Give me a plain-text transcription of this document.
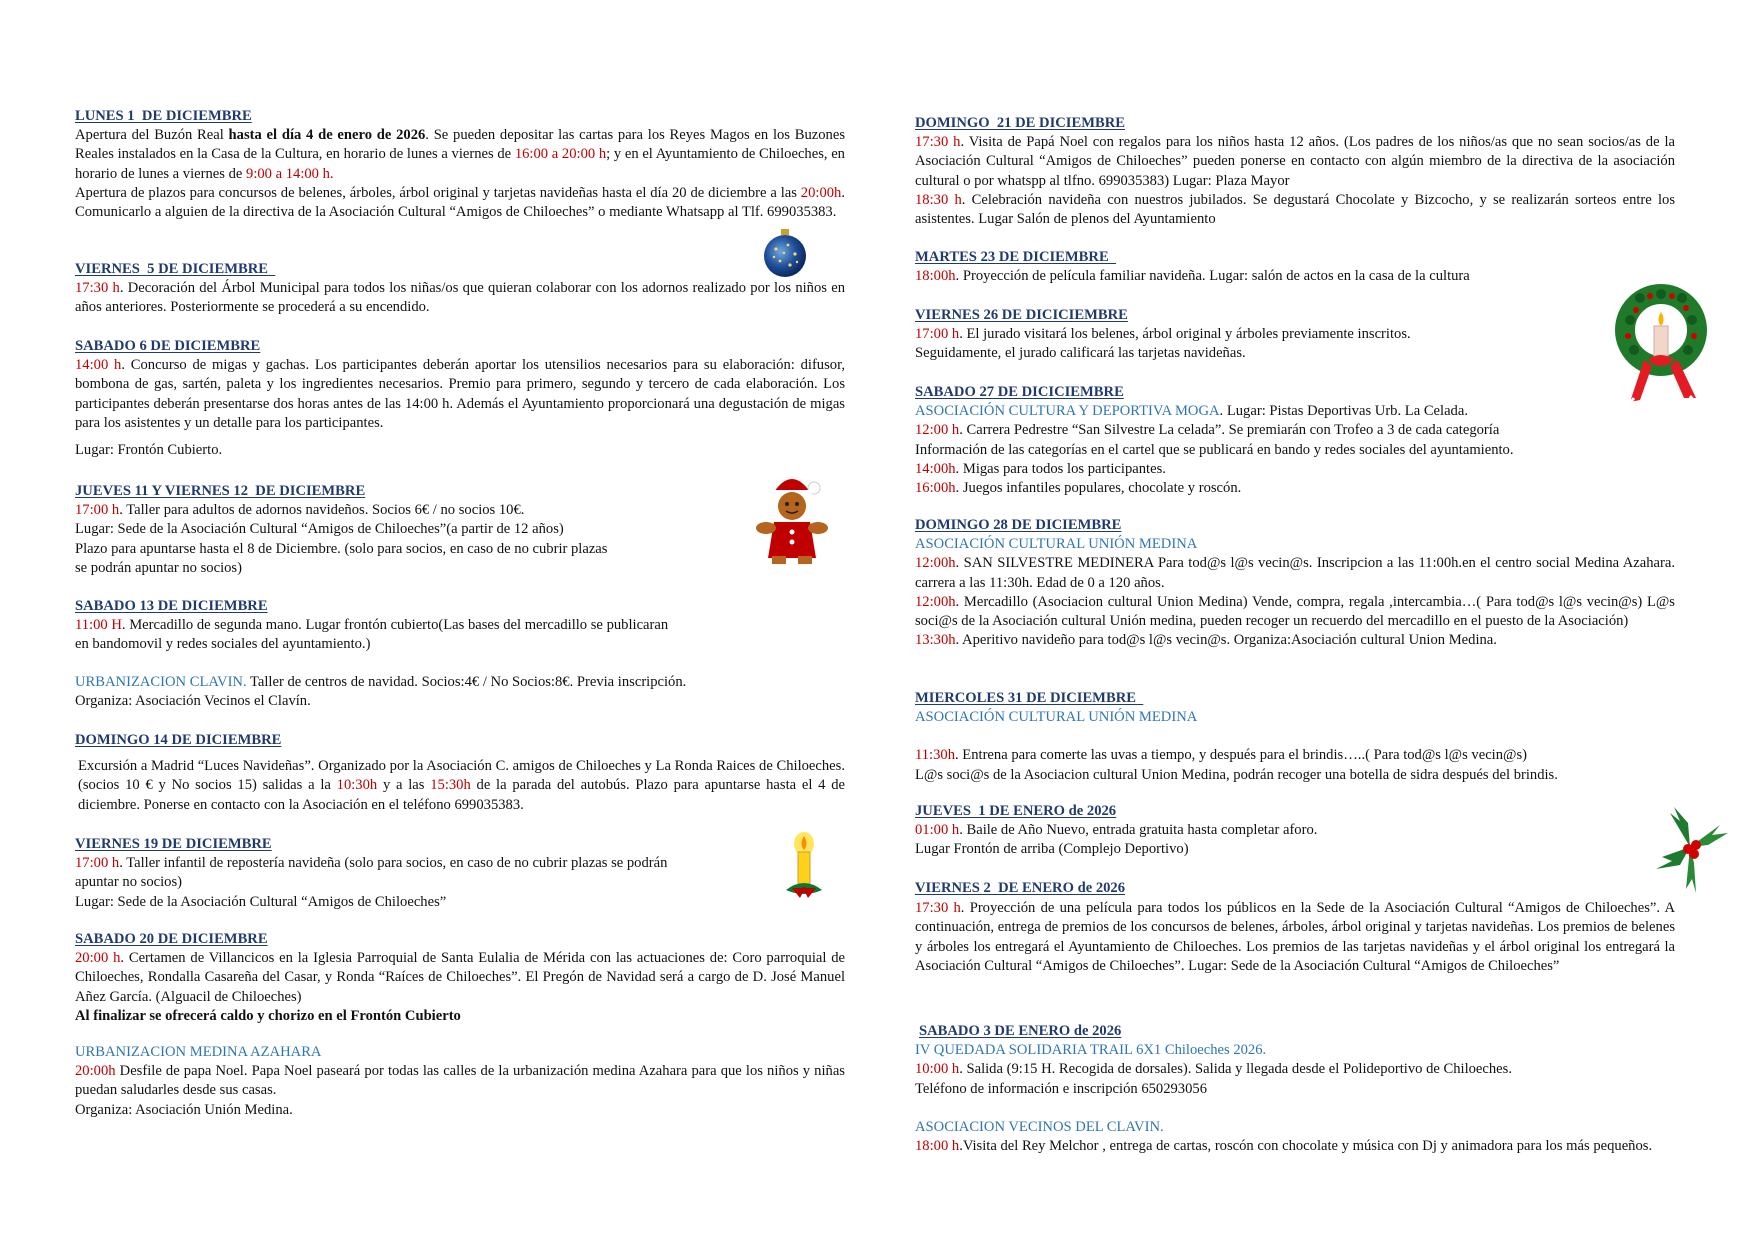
LUNES 1  DE DICIEMBRE

Apertura del Buzón Real hasta el día 4 de enero de 2026. Se pueden depositar las cartas para los Reyes Magos en los Buzones Reales instalados en la Casa de la Cultura, en horario de lunes a viernes de 16:00 a 20:00 h; y en el Ayuntamiento de Chiloeches, en horario de lunes a viernes de 9:00 a 14:00 h.

Apertura de plazos para concursos de belenes, árboles, árbol original y tarjetas navideñas hasta el día 20 de diciembre a las 20:00h. Comunicarlo a alguien de la directiva de la Asociación Cultural “Amigos de Chiloeches” o mediante Whatsapp al Tlf. 699035383.

VIERNES  5 DE DICIEMBRE

17:30 h. Decoración del Árbol Municipal para todos los niñas/os que quieran colaborar con los adornos realizado por los niños en años anteriores. Posteriormente se procederá a su encendido.

SABADO 6 DE DICIEMBRE

14:00 h. Concurso de migas y gachas. Los participantes deberán aportar los utensilios necesarios para su elaboración: difusor, bombona de gas, sartén, paleta y los ingredientes necesarios. Premio para primero, segundo y tercero de cada elaboración. Los participantes deberán presentarse dos horas antes de las 14:00 h. Además el Ayuntamiento proporcionará una degustación de migas para los asistentes y un detalle para los participantes.

Lugar: Frontón Cubierto.

JUEVES 11 Y VIERNES 12  DE DICIEMBRE

17:00 h. Taller para adultos de adornos navideños. Socios 6€ / no socios 10€.

Lugar: Sede de la Asociación Cultural “Amigos de Chiloeches”(a partir de 12 años)

Plazo para apuntarse hasta el 8 de Diciembre. (solo para socios, en caso de no cubrir plazas

se podrán apuntar no socios)

SABADO 13 DE DICIEMBRE

11:00 H. Mercadillo de segunda mano. Lugar frontón cubierto(Las bases del mercadillo se publicaran

en bandomovil y redes sociales del ayuntamiento.)

URBANIZACION CLAVIN. Taller de centros de navidad. Socios:4€ / No Socios:8€. Previa inscripción.

Organiza: Asociación Vecinos el Clavín.

DOMINGO 14 DE DICIEMBRE

Excursión a Madrid “Luces Navideñas”. Organizado por la Asociación C. amigos de Chiloeches y La Ronda Raices de Chiloeches. (socios 10 € y No socios 15) salidas a la 10:30h y a las 15:30h de la parada del autobús. Plazo para apuntarse hasta el 4 de diciembre. Ponerse en contacto con la Asociación en el teléfono 699035383.

VIERNES 19 DE DICIEMBRE

17:00 h. Taller infantil de repostería navideña (solo para socios, en caso de no cubrir plazas se podrán

apuntar no socios)

Lugar: Sede de la Asociación Cultural “Amigos de Chiloeches”

SABADO 20 DE DICIEMBRE

20:00 h. Certamen de Villancicos en la Iglesia Parroquial de Santa Eulalia de Mérida con las actuaciones de: Coro parroquial de Chiloeches, Rondalla Casareña del Casar, y Ronda “Raíces de Chiloeches”. El Pregón de Navidad será a cargo de D. José Manuel Añez García. (Alguacil de Chiloeches)

Al finalizar se ofrecerá caldo y chorizo en el Frontón Cubierto

URBANIZACION MEDINA AZAHARA

20:00h Desfile de papa Noel. Papa Noel paseará por todas las calles de la urbanización medina Azahara para que los niños y niñas puedan saludarles desde sus casas.

Organiza: Asociación Unión Medina.

DOMINGO  21 DE DICIEMBRE

17:30 h. Visita de Papá Noel con regalos para los niños hasta 12 años. (Los padres de los niños/as que no sean socios/as de la Asociación Cultural “Amigos de Chiloeches” pueden ponerse en contacto con algún miembro de la directiva de la asociación cultural o por whatspp al tlfno. 699035383) Lugar: Plaza Mayor

18:30 h. Celebración navideña con nuestros jubilados. Se degustará Chocolate y Bizcocho, y se realizarán sorteos entre los asistentes. Lugar Salón de plenos del Ayuntamiento

MARTES 23 DE DICIEMBRE

18:00h. Proyección de película familiar navideña. Lugar: salón de actos en la casa de la cultura

VIERNES 26 DE DICICIEMBRE

17:00 h. El jurado visitará los belenes, árbol original y árboles previamente inscritos.

Seguidamente, el jurado calificará las tarjetas navideñas.

SABADO 27 DE DICICIEMBRE

ASOCIACIÓN CULTURA Y DEPORTIVA MOGA. Lugar: Pistas Deportivas Urb. La Celada.

12:00 h. Carrera Pedrestre “San Silvestre La celada”. Se premiarán con Trofeo a 3 de cada categoría

Información de las categorías en el cartel que se publicará en bando y redes sociales del ayuntamiento.

14:00h. Migas para todos los participantes.

16:00h. Juegos infantiles populares, chocolate y roscón.

DOMINGO 28 DE DICIEMBRE

ASOCIACIÓN CULTURAL UNIÓN MEDINA

12:00h. SAN SILVESTRE MEDINERA Para tod@s l@s vecin@s. Inscripcion a las 11:00h.en el centro social Medina Azahara. carrera a las 11:30h. Edad de 0 a 120 años.

12:00h. Mercadillo (Asociacion cultural Union Medina) Vende, compra, regala ,intercambia…( Para tod@s l@s vecin@s) L@s soci@s de la Asociación cultural Unión medina, pueden recoger un recuerdo del mercadillo en el puesto de la Asociación)

13:30h. Aperitivo navideño para tod@s l@s vecin@s. Organiza:Asociación cultural Union Medina.

MIERCOLES 31 DE DICIEMBRE

ASOCIACIÓN CULTURAL UNIÓN MEDINA

11:30h. Entrena para comerte las uvas a tiempo, y después para el brindis…..( Para tod@s l@s vecin@s)

L@s soci@s de la Asociacion cultural Union Medina, podrán recoger una botella de sidra después del brindis.

JUEVES  1 DE ENERO de 2026

01:00 h. Baile de Año Nuevo, entrada gratuita hasta completar aforo.

Lugar Frontón de arriba (Complejo Deportivo)

VIERNES 2  DE ENERO de 2026

17:30 h. Proyección de una película para todos los públicos en la Sede de la Asociación Cultural “Amigos de Chiloeches”. A continuación, entrega de premios de los concursos de belenes, árboles, árbol original y tarjetas navideñas. Los premios de belenes y árboles los entregará el Ayuntamiento de Chiloeches. Los premios de las tarjetas navideñas y el árbol original los entregará la Asociación Cultural “Amigos de Chiloeches”. Lugar: Sede de la Asociación Cultural “Amigos de Chiloeches”

SABADO 3 DE ENERO de 2026

IV QUEDADA SOLIDARIA TRAIL 6X1 Chiloeches 2026.

10:00 h. Salida (9:15 H. Recogida de dorsales). Salida y llegada desde el Polideportivo de Chiloeches.

Teléfono de información e inscripción 650293056

ASOCIACION VECINOS DEL CLAVIN.

18:00 h.Visita del Rey Melchor , entrega de cartas, roscón con chocolate y música con Dj y animadora para los más pequeños.
